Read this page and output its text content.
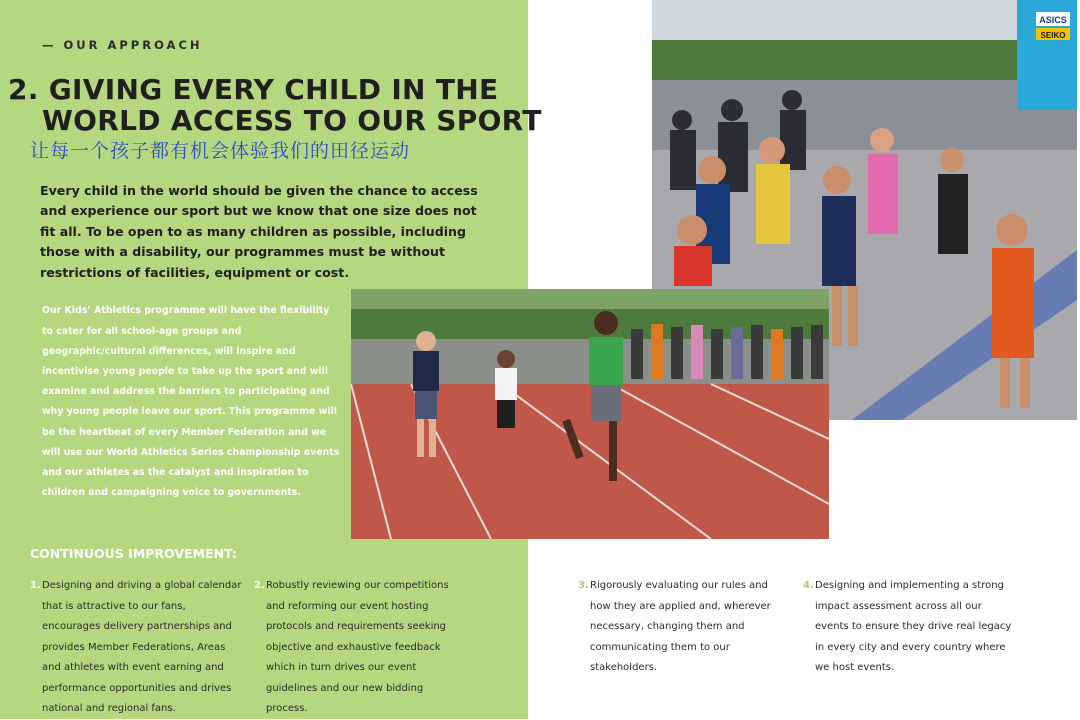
— OUR APPROACH
2. GIVING EVERY CHILD IN THE
WORLD ACCESS TO OUR SPORT
让每一个孩子都有机会体验我们的田径运动

Every child in the world should be given the chance to access and experience our sport but we know that one size does not fit all. To be open to as many children as possible, including those with a disability, our programmes must be without restrictions of facilities, equipment or cost.

Our Kids’ Athletics programme will have the flexibility to cater for all school-age groups and geographic/cultural differences, will inspire and incentivise young people to take up the sport and will examine and address the barriers to participating and why young people leave our sport. This programme will be the heartbeat of every Member Federation and we will use our World Athletics Series championship events and our athletes as the catalyst and inspiration to children and campaigning voice to governments.

ASICS
SEIKO
CONTINUOUS IMPROVEMENT:
1. Designing and driving a global calendar that is attractive to our fans, encourages delivery partnerships and provides Member Federations, Areas and athletes with event earning and performance opportunities and drives national and regional fans.
2. Robustly reviewing our competitions and reforming our event hosting protocols and requirements seeking objective and exhaustive feedback which in turn drives our event guidelines and our new bidding process.
3. Rigorously evaluating our rules and how they are applied and, wherever necessary, changing them and communicating them to our stakeholders.
4. Designing and implementing a strong impact assessment across all our events to ensure they drive real legacy in every city and every country where we host events.
